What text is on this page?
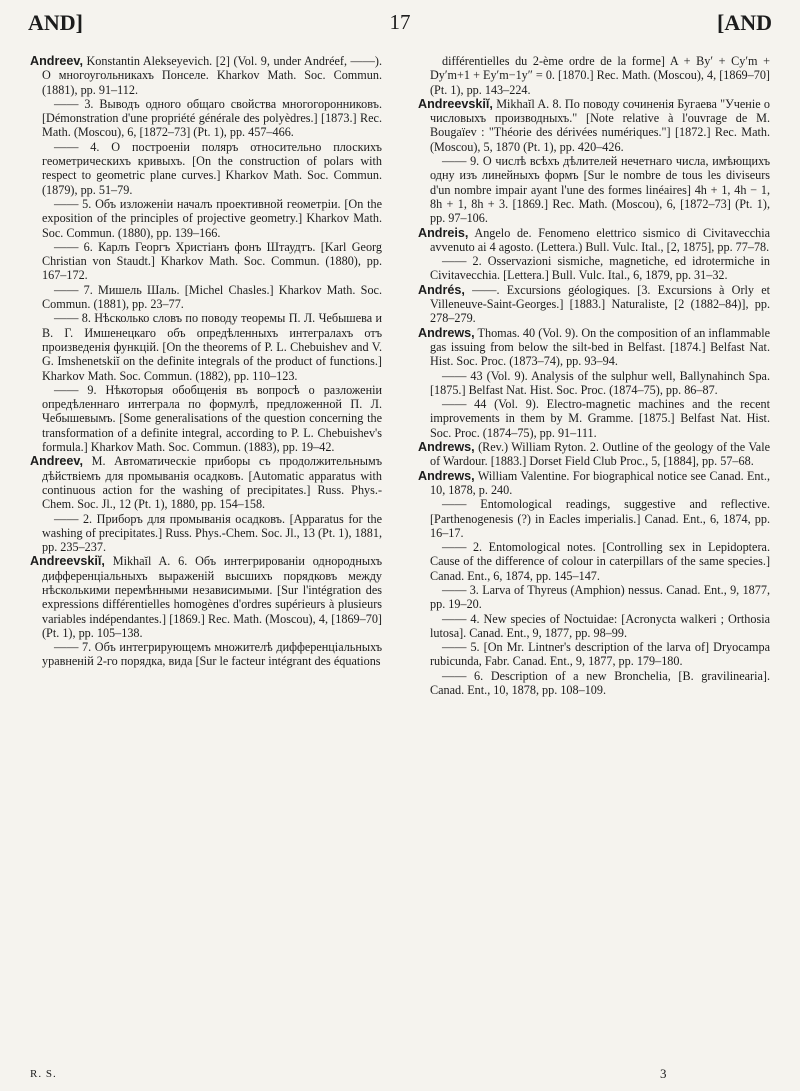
AND]	17	[AND

Andreev, Konstantin Alekseyevich. [2] (Vol. 9, under Andréef, ——). О многоугольникахъ Понселе. Kharkov Math. Soc. Commun. (1881), pp. 91–112.

—— 3. Выводъ одного общаго свойства многогоронниковъ. [Démonstration d'une propriété générale des polyèdres.] [1873.] Rec. Math. (Moscou), 6, [1872–73] (Pt. 1), pp. 457–466.

—— 4. О построеніи поляръ относительно плоскихъ геометрическихъ кривыхъ. [On the construction of polars with respect to geometric plane curves.] Kharkov Math. Soc. Commun. (1879), pp. 51–79.

—— 5. Объ изложеніи началъ проективной геометріи. [On the exposition of the principles of projective geometry.] Kharkov Math. Soc. Commun. (1880), pp. 139–166.

—— 6. Карлъ Георгъ Христіанъ фонъ Штаудтъ. [Karl Georg Christian von Staudt.] Kharkov Math. Soc. Commun. (1880), pp. 167–172.

—— 7. Мишель Шаль. [Michel Chasles.] Kharkov Math. Soc. Commun. (1881), pp. 23–77.

—— 8. Нѣсколько словъ по поводу теоремы П. Л. Чебышева и В. Г. Имшенецкаго объ опредѣленныхъ интегралахъ отъ произведенія функцій. [On the theorems of P. L. Chebuishev and V. G. Imshenetskiĭ on the definite integrals of the product of functions.] Kharkov Math. Soc. Commun. (1882), pp. 110–123.

—— 9. Нѣкоторыя обобщенія въ вопросѣ о разложеніи опредѣленнаго интеграла по формулѣ, предложенной П. Л. Чебышевымъ. [Some generalisations of the question concerning the transformation of a definite integral, according to P. L. Chebuishev's formula.] Kharkov Math. Soc. Commun. (1883), pp. 19–42.

Andreev, M. Автоматическіе приборы съ продолжительнымъ дѣйствіемъ для промыванія осадковъ. [Automatic apparatus with continuous action for the washing of precipitates.] Russ. Phys.-Chem. Soc. Jl., 12 (Pt. 1), 1880, pp. 154–158.

—— 2. Приборъ для промыванія осадковъ. [Apparatus for the washing of precipitates.] Russ. Phys.-Chem. Soc. Jl., 13 (Pt. 1), 1881, pp. 235–237.

Andreevskiĭ, Mikhaĭl A. 6. Объ интегрированіи однородныхъ дифференціальныхъ выраженій высшихъ порядковъ между нѣсколькими перемѣнными независимыми. [Sur l'intégration des expressions différentielles homogènes d'ordres supérieurs à plusieurs variables indépendantes.] [1869.] Rec. Math. (Moscou), 4, [1869–70] (Pt. 1), pp. 105–138.

—— 7. Объ интегрирующемъ множителѣ дифференціальныхъ уравненій 2-го порядка, вида [Sur le facteur intégrant des équations

différentielles du 2-ème ordre de la forme] A + By′ + Cy′m + Dy′m+1 + Ey′m−1y″ = 0. [1870.] Rec. Math. (Moscou), 4, [1869–70] (Pt. 1), pp. 143–224.

Andreevskiĭ, Mikhaĭl A. 8. По поводу сочиненія Бугаева "Ученіе о числовыхъ производныхъ." [Note relative à l'ouvrage de M. Bougaïev : "Théorie des dérivées numériques."] [1872.] Rec. Math. (Moscou), 5, 1870 (Pt. 1), pp. 420–426.

—— 9. О числѣ всѣхъ дѣлителей нечетнаго числа, имѣющихъ одну изъ линейныхъ формъ [Sur le nombre de tous les diviseurs d'un nombre impair ayant l'une des formes linéaires] 4h + 1, 4h − 1, 8h + 1, 8h + 3. [1869.] Rec. Math. (Moscou), 6, [1872–73] (Pt. 1), pp. 97–106.

Andreis, Angelo de. Fenomeno elettrico sismico di Civitavecchia avvenuto ai 4 agosto. (Lettera.) Bull. Vulc. Ital., [2, 1875], pp. 77–78.

—— 2. Osservazioni sismiche, magnetiche, ed idrotermiche in Civitavecchia. [Lettera.] Bull. Vulc. Ital., 6, 1879, pp. 31–32.

Andrés, ——. Excursions géologiques. [3. Excursions à Orly et Villeneuve-Saint-Georges.] [1883.] Naturaliste, [2 (1882–84)], pp. 278–279.

Andrews, Thomas. 40 (Vol. 9). On the composition of an inflammable gas issuing from below the silt-bed in Belfast. [1874.] Belfast Nat. Hist. Soc. Proc. (1873–74), pp. 93–94.

—— 43 (Vol. 9). Analysis of the sulphur well, Ballynahinch Spa. [1875.] Belfast Nat. Hist. Soc. Proc. (1874–75), pp. 86–87.

—— 44 (Vol. 9). Electro-magnetic machines and the recent improvements in them by M. Gramme. [1875.] Belfast Nat. Hist. Soc. Proc. (1874–75), pp. 91–111.

Andrews, (Rev.) William Ryton. 2. Outline of the geology of the Vale of Wardour. [1883.] Dorset Field Club Proc., 5, [1884], pp. 57–68.

Andrews, William Valentine. For biographical notice see Canad. Ent., 10, 1878, p. 240.

—— Entomological readings, suggestive and reflective. [Parthenogenesis (?) in Eacles imperialis.] Canad. Ent., 6, 1874, pp. 16–17.

—— 2. Entomological notes. [Controlling sex in Lepidoptera. Cause of the difference of colour in caterpillars of the same species.] Canad. Ent., 6, 1874, pp. 145–147.

—— 3. Larva of Thyreus (Amphion) nessus. Canad. Ent., 9, 1877, pp. 19–20.

—— 4. New species of Noctuidae: [Acronycta walkeri ; Orthosia lutosa]. Canad. Ent., 9, 1877, pp. 98–99.

—— 5. [On Mr. Lintner's description of the larva of] Dryocampa rubicunda, Fabr. Canad. Ent., 9, 1877, pp. 179–180.

—— 6. Description of a new Bronchelia, [B. gravilinearia]. Canad. Ent., 10, 1878, pp. 108–109.

R. S.	3
